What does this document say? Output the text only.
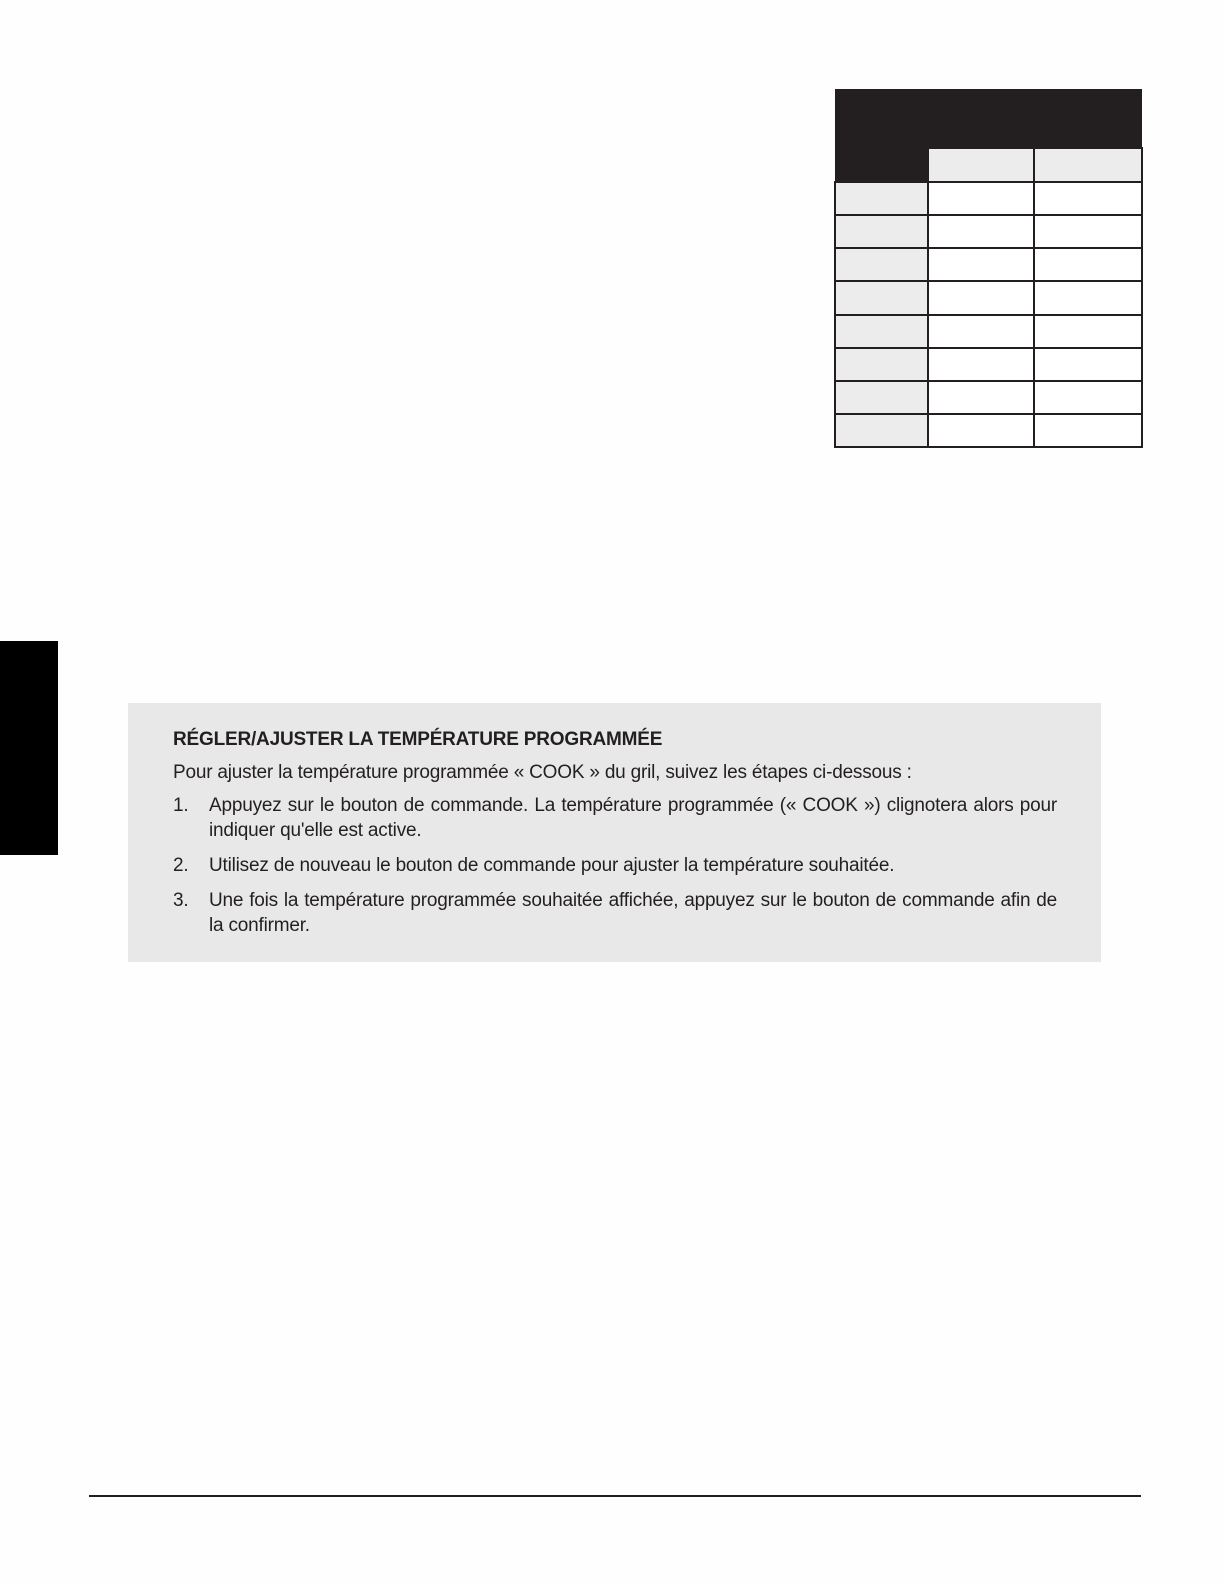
RÉGLER/AJUSTER LA TEMPÉRATURE PROGRAMMÉE

Pour ajuster la température programmée « COOK » du gril, suivez les étapes ci-dessous :

1.	Appuyez sur le bouton de commande. La température programmée (« COOK ») clignotera alors pour indiquer qu'elle est active.
2.	Utilisez de nouveau le bouton de commande pour ajuster la température souhaitée.
3.	Une fois la température programmée souhaitée affichée, appuyez sur le bouton de commande afin de la confirmer.
